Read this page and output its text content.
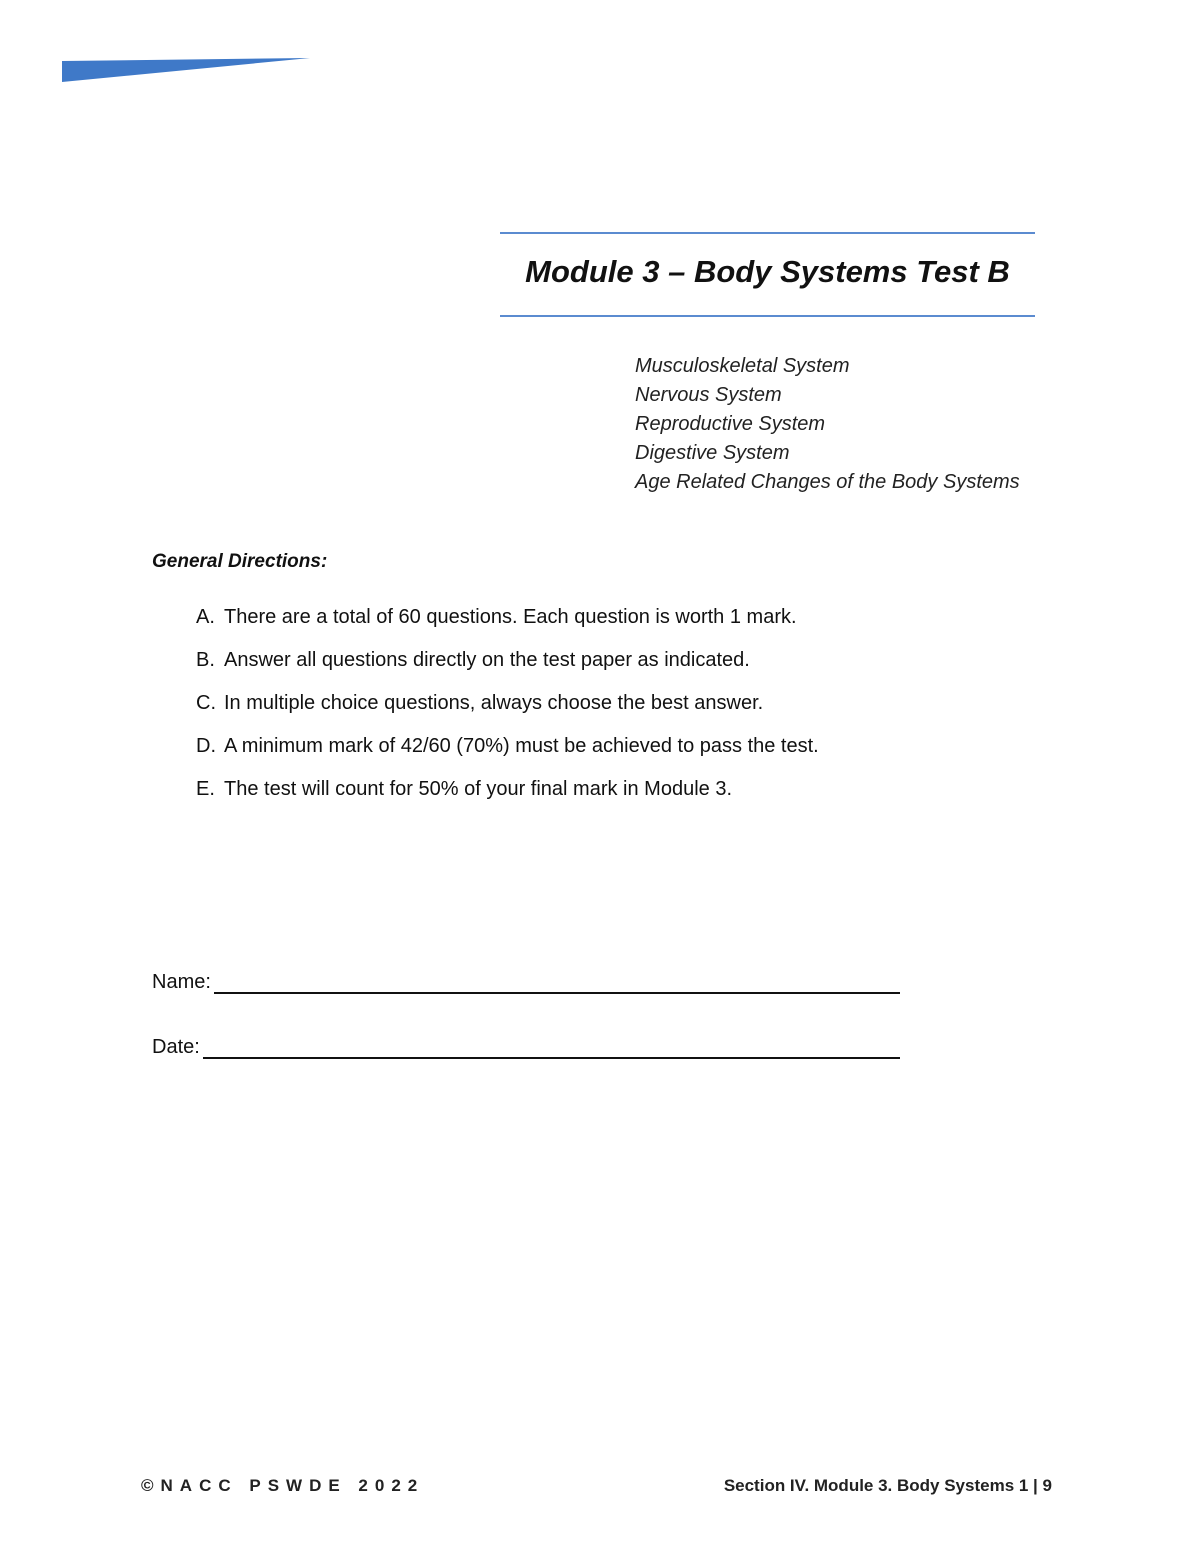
Module 3 – Body Systems Test B
Musculoskeletal System
Nervous System
Reproductive System
Digestive System
Age Related Changes of the Body Systems
General Directions:
A. There are a total of 60 questions. Each question is worth 1 mark.
B. Answer all questions directly on the test paper as indicated.
C. In multiple choice questions, always choose the best answer.
D. A minimum mark of 42/60 (70%) must be achieved to pass the test.
E. The test will count for 50% of your final mark in Module 3.
Name:
Date:
©NACC PSWDE 2022	Section IV. Module 3. Body Systems 1 | 9
